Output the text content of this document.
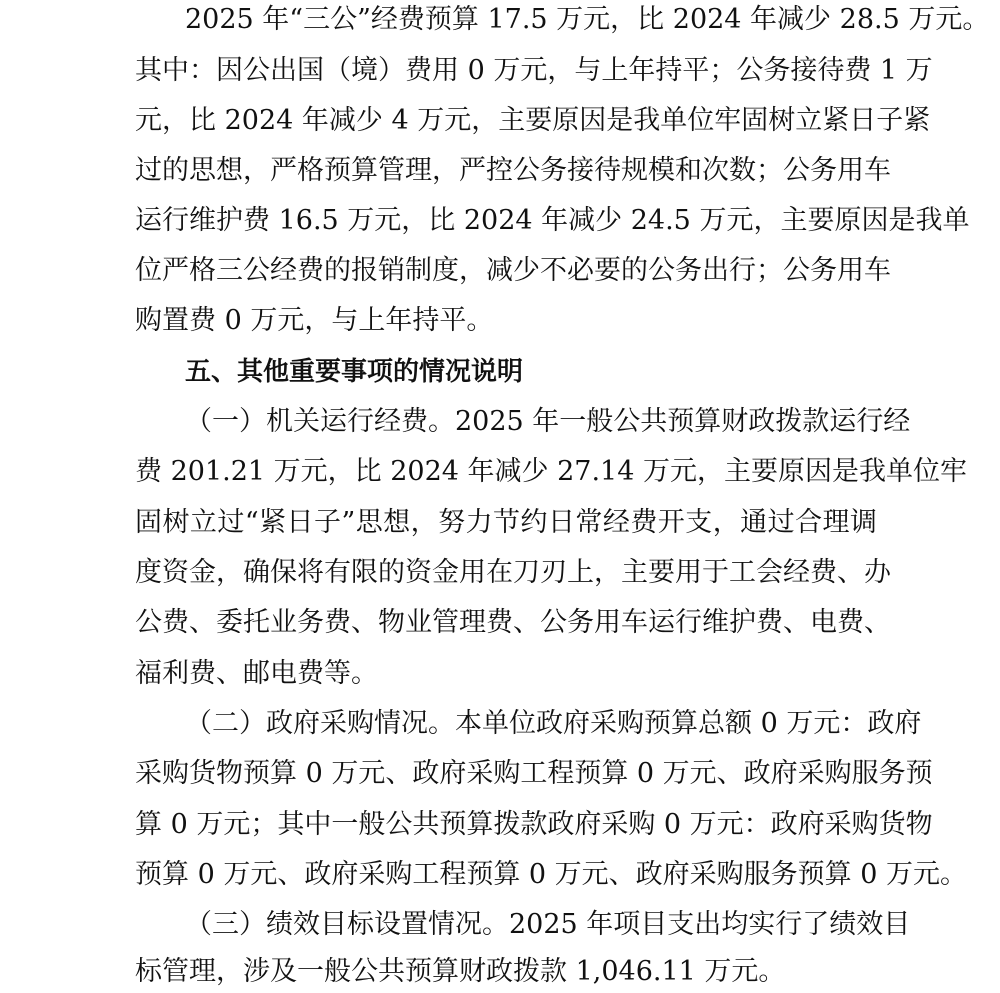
2025 年“三公”经费预算 17.5 万元，比 2024 年减少 28.5 万元。
其中：因公出国（境）费用 0 万元，与上年持平；公务接待费 1 万
元，比 2024 年减少 4 万元，主要原因是我单位牢固树立紧日子紧
过的思想，严格预算管理，严控公务接待规模和次数；公务用车
运行维护费 16.5 万元，比 2024 年减少 24.5 万元，主要原因是我单
位严格三公经费的报销制度，减少不必要的公务出行；公务用车
购置费 0 万元，与上年持平。
五、其他重要事项的情况说明
（一）机关运行经费。2025 年一般公共预算财政拨款运行经
费 201.21 万元，比 2024 年减少 27.14 万元，主要原因是我单位牢
固树立过“紧日子”思想，努力节约日常经费开支，通过合理调
度资金，确保将有限的资金用在刀刃上，主要用于工会经费、办
公费、委托业务费、物业管理费、公务用车运行维护费、电费、
福利费、邮电费等。
（二）政府采购情况。本单位政府采购预算总额 0 万元：政府
采购货物预算 0 万元、政府采购工程预算 0 万元、政府采购服务预
算 0 万元；其中一般公共预算拨款政府采购 0 万元：政府采购货物
预算 0 万元、政府采购工程预算 0 万元、政府采购服务预算 0 万元。
（三）绩效目标设置情况。2025 年项目支出均实行了绩效目
标管理，涉及一般公共预算财政拨款 1,046.11 万元。
